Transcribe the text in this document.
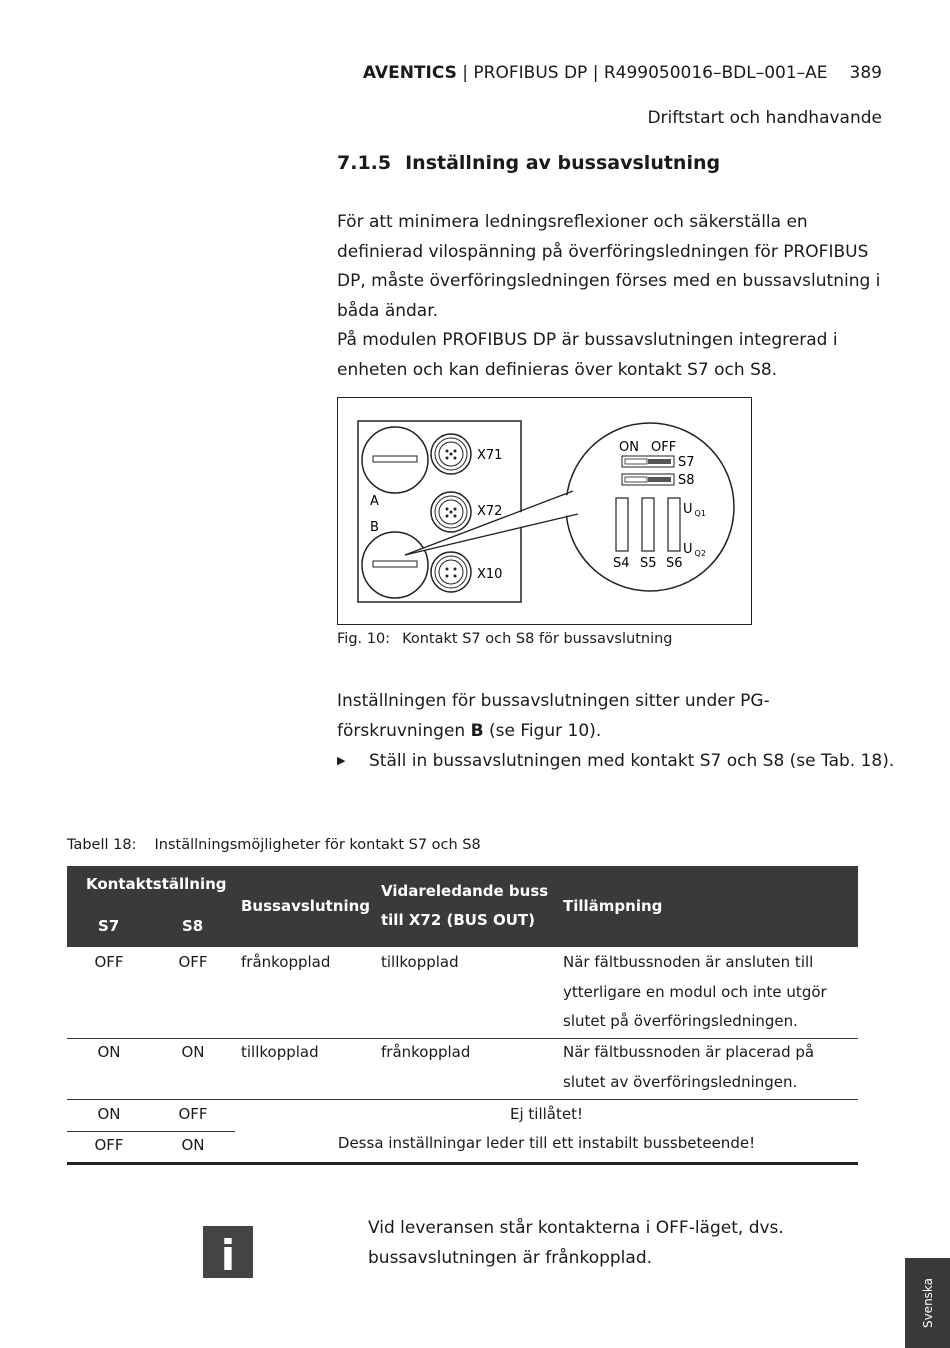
AVENTICS | PROFIBUS DP | R499050016–BDL–001–AE 389
Driftstart och handhavande
7.1.5 Inställning av bussavslutning
För att minimera ledningsreflexioner och säkerställa en definierad vilospänning på överföringsledningen för PROFIBUS DP, måste överföringsledningen förses med en bussavslutning i båda ändar.
På modulen PROFIBUS DP är bussavslutningen integrerad i enheten och kan definieras över kontakt S7 och S8.
X71
X72
X10
A
B
ON OFF
S7
S8
S4 S5 S6
U $_{Q1}$
U $_{Q2}$
Fig. 10: Kontakt S7 och S8 för bussavslutning
Inställningen för bussavslutningen sitter under PG-förskruvningen B (se Figur 10).
▶ Ställ in bussavslutningen med kontakt S7 och S8 (se Tab. 18).
Tabell 18: Inställningsmöjligheter för kontakt S7 och S8
Kontaktställning
S7	S8
Bussavslutning
Vidareledande buss
till X72 (BUS OUT)
Tillämpning
OFF	OFF	frånkopplad	tillkopplad	När fältbussnoden är ansluten till ytterligare en modul och inte utgör slutet på överföringsledningen.
ON	ON	tillkopplad	frånkopplad	När fältbussnoden är placerad på slutet av överföringsledningen.
ON	OFF
OFF	ON
Ej tillåtet!
Dessa inställningar leder till ett instabilt bussbeteende!
i
Vid leveransen står kontakterna i OFF-läget, dvs. bussavslutningen är frånkopplad.
Svenska
